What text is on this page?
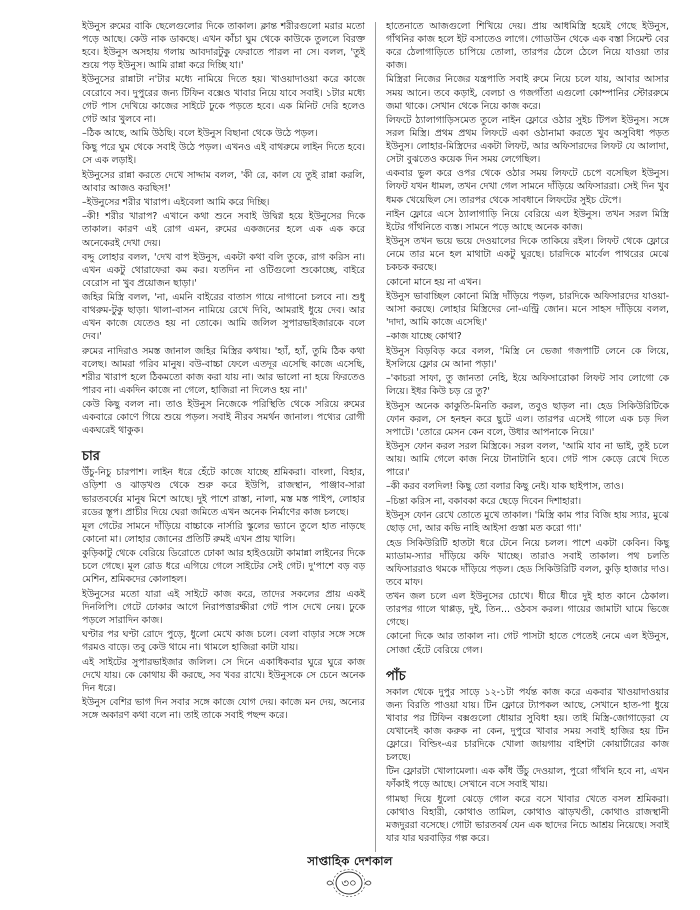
ইউনুস রুমের বাকি ছেলেগুলোর দিকে তাকাল। ক্লান্ত শরীরগুলো মরার মতো পড়ে আছে। কেউ নাক ডাকছে। এখন কাঁচা ঘুম থেকে কাউকে তুললে বিরক্ত হবে। ইউনুস অসহায় গলায় আবদারটুকু ফেরাতে পারল না সে। বলল, 'তুই শুয়ে পড় ইউনুস। আমি রান্না করে দিচ্ছি যা।'

ইউনুসের রান্নাটা ন'টার মধ্যে নামিয়ে দিতে হয়। খাওয়াদাওয়া করে কাজে বেরোবে সব। দুপুরের জন্য টিফিন বক্সেও খাবার নিয়ে যাবে সবাই। ১টার মধ্যে গেট পাস দেখিয়ে কাজের সাইটে ঢুকে পড়তে হবে। এক মিনিট দেরি হলেও গেট আর খুলবে না।

–ঠিক আছে, আমি উঠছি। বলে ইউনুস বিছানা থেকে উঠে পড়ল।

কিছু পরে ঘুম থেকে সবাই উঠে পড়ল। এখনও এই বাথরুমে লাইন দিতে হবে। সে এক লড়াই।

ইউনুসের রান্না করতে দেখে সাদ্দাম বলল, 'কী রে, কাল যে তুই রান্না করলি, আবার আজও করছিস!'

–ইউনুসের শরীর খারাপ। এইবেলা আমি করে দিচ্ছি।

–কী! শরীর খারাপ? এখানে কথা শুনে সবাই উদ্বিগ্ন হয়ে ইউনুসের দিকে তাকাল। কারণ এই রোগ এমন, রুমের একজনের হলে এক এক করে অনেকেরই দেখা দেয়।

বদ্দু লোহার বলল, 'দেখ বাপ ইউনুস, একটা কথা বলি তুকে, রাগ করিস না। এখন একটু থোরাফেরা কম কর। যতদিন না ওটিগুলো শুকোচ্ছে, বাইরে বেরোস না খুব প্রয়োজন ছাড়া।'

জহির মিস্ত্রি বলল, 'না, এমনি বাইরের বাতাস গায়ে নাগানো চলবে না। শুধু বাথরুম-টুকু ছাড়া। থালা-বাসন নামিয়ে রেখে দিবি, আমরাই ধুয়ে দেব। আর এখন কাজে যেতেও হয় না তোকে। আমি জলিল সুপারভাইজারকে বলে দেব।'

রুমের নাদিরাও সমস্ত জানাল জহির মিস্ত্রির কথায়। 'হ্যাঁ, হ্যাঁ, তুমি ঠিক কথা বলেছ। আমরা গরিব মানুষ। বউ-বাচ্চা ফেলে এতদূর এসেছি কাজে এসেছি, শরীর খারাপ হলে ঠিকমতো কাজ করা যায় না। আর ভালো না হয়ে ফিরতেও পারব না। একদিন কাজে না গেলে, হাজিরা না দিলেও হয় না।'

কেউ কিছু বলল না। তাও ইউনুস নিজেকে পরিস্থিতি থেকে সরিয়ে রুমের একবারে কোণে গিয়ে শুয়ে পড়ল। সবাই নীরব সমর্থন জানাল। পথ্যের রোগী একঘরেই থাকুক।

চার

উঁচু-নিচু চারপাশ। লাইন ধরে হেঁটে কাজে যাচ্ছে শ্রমিকরা। বাংলা, বিহার, ওড়িশা ও ঝাড়খণ্ড থেকে শুরু করে ইউপি, রাজস্থান, পাঞ্জাব-সারা ভারতবর্ষের মানুষ মিশে আছে। দুই পাশে রাস্তা, নালা, মস্ত মস্ত পাইপ, লোহার রডের স্তূপ। প্রাচীর দিয়ে ঘেরা জমিতে এখন অনেক নির্মাণের কাজ চলছে।

মূল গেটের সামনে দাঁড়িয়ে বাচ্চাকে নার্সারি স্কুলের ভ্যানে তুলে হাত নাড়ছে কোনো মা। লোহার জোনের প্রতিটি রুমই এখন প্রায় খালি।

কুড়িকাটু থেকে বেরিয়ে ডিরোতে ঢোকা আর হাইওয়েটা কামান্না লাইনের দিকে চলে গেছে। মূল রোড ধরে এগিয়ে গেলে সাইটের সেই গেট। দু'পাশে বড় বড় মেশিন, শ্রমিকদের কোলাহল।

ইউনুসের মতো যারা এই সাইটে কাজ করে, তাদের সকলের প্রায় একই দিনলিপি। গেটে ঢোকার আগে নিরাপত্তারক্ষীরা গেট পাস দেখে নেয়। ঢুকে পড়লে সারাদিন কাজ।

ঘণ্টার পর ঘণ্টা রোদে পুড়ে, ধুলো মেখে কাজ চলে। বেলা বাড়ার সঙ্গে সঙ্গে গরমও বাড়ে। তবু কেউ থামে না। থামলে হাজিরা কাটা যায়।

এই সাইটের সুপারভাইজার জলিল। সে দিনে একাধিকবার ঘুরে ঘুরে কাজ দেখে যায়। কে কোথায় কী করছে, সব খবর রাখে। ইউনুসকে সে চেনে অনেক দিন ধরে।

ইউনুস বেশির ভাগ দিন সবার সঙ্গে কাজে যোগ দেয়। কাজে মন দেয়, অন্যের সঙ্গে অকারণ কথা বলে না। তাই তাকে সবাই পছন্দ করে।

হাতেনাতে আজগুলো শিখিয়ে দেয়। প্রায় আধমিস্ত্রি হয়েই গেছে ইউনুস, গাঁথনির কাজ হলে ইট বসাতেও লাগে। গোডাউন থেকে এক বস্তা সিমেন্ট বের করে ঠেলাগাড়িতে চাপিয়ে তোলা, তারপর ঠেলে ঠেলে নিয়ে যাওয়া তার কাজ।

মিস্ত্রিরা নিজের নিজের যন্ত্রপাতি সবাই রুমে নিয়ে চলে যায়, আবার আসার সময় আনে। তবে কড়াই, বেলচা ও গজগাঁতা এগুলো কোম্পানির স্টোররুমে জমা থাকে। সেখান থেকে নিয়ে কাজ করে।

লিফটে ঠ্যালাগাড়িসমেত তুলে নাইন ফ্লোরে ওঠার সুইচ টিপল ইউনুস। সঙ্গে সরল মিস্ত্রি। প্রথম প্রথম লিফটে একা ওঠানামা করতে খুব অসুবিধা পড়ত ইউনুস। লোহার-মিস্ত্রিদের একটা লিফট, আর অফিসারদের লিফট যে আলাদা, সেটা বুঝতেও কয়েক দিন সময় লেগেছিল।

একবার ভুল করে ওপর থেকে ওঠার সময় লিফটে চেপে বসেছিল ইউনুস। লিফট যখন ধামল, তখন দেখা গেল সামনে দাঁড়িয়ে অফিসাররা। সেই দিন খুব ধমক খেয়েছিল সে। তারপর থেকে সাবধানে লিফটের সুইচ টেপে।

নাইন ফ্লোরে এসে ঠ্যালাগাড়ি নিয়ে বেরিয়ে এল ইউনুস। তখন সরল মিস্ত্রি ইটের গাঁথনিতে ব্যস্ত। সামনে পড়ে আছে অনেক কাজ।

ইউনুস তখন ভয়ে ভয়ে দেওয়ালের দিকে তাকিয়ে রইল। লিফট থেকে ফ্লোরে নেমে তার মনে হল মাথাটা একটু ঘুরছে। চারদিকে মার্বেল পাথরের মেঝে চকচক করছে।

কোনো মানে হয় না এখন।

ইউনুস ভাবাচ্ছিল কোনো মিস্ত্রি দাঁড়িয়ে পড়ল, চারদিকে অফিসারদের যাওয়া-আসা করছে। লোহার মিস্ত্রিদের নো-এন্ট্রি জোন। মনে সাহস দাঁড়িয়ে বলল, 'দাদা, আমি কাজে এসেছি।'

–কাজ যাচ্ছে কোথা?

ইউনুস বিড়বিড় করে বলল, 'মিস্ত্রি নে ভেজা গজপাটি লেনে কে লিয়ে, ইসলিয়ে ফ্লোর মে আনা পড়া।'

–'কাচরা সাফা, তু জানতা নেহি, ইয়ে অফিসারোকা লিফট সাব লোগো কে লিয়ে। ইধর কিউ চড় রে তু?'

ইউনুস অনেক কাকুতি-মিনতি করল, তবুও ছাড়ল না। হেড সিকিউরিটিকে ফোন করল, সে হনহন করে ছুটে এল। তারপর এসেই গালে এক চড় দিল সপাটে। 'তোরে মেসন কেন বলে, উধার আপনাকে নিয়ে।'

ইউনুস ফোন করল সরল মিস্ত্রিকে। সরল বলল, 'আমি যাব না ভাই, তুই চলে আয়। আমি গেলে কাজ নিয়ে টানাটানি হবে। গেট পাস কেড়ে রেখে দিতে পারে।'

–কী করব বলদিল! কিছু তো বলার কিছু নেই। যাক ছাইপাস, তাও।

–চিন্তা করিস না, বকাবকা করে ছেড়ে দিবেন দিশাহারা।

ইউনুস ফোন রেখে তোতে মুখে তাকাল। 'মিস্ত্রি কাম পার বিজি হায় স্যার, মুঝে ছোড় দো, আর কভি নাহি আইসা গুস্তা মত করো গা।'

হেড সিকিউরিটি হাতটা ধরে টেনে নিয়ে চলল। পাশে একটা কেবিন। কিছু ম্যাডাম-স্যার দাঁড়িয়ে কফি খাচ্ছে। তারাও সবাই তাকাল। পথ চলতি অফিসাররাও থমকে দাঁড়িয়ে পড়ল। হেড সিকিউরিটি বলল, কুড়ি হাজার দাও। তবে মাফ।

তখন জল চলে এল ইউনুসের চোখে। ধীরে ধীরে দুই হাত কানে ঠেকাল। তারপর গালে থাপ্পড়, দুই, তিন... ওঠবস করল। গায়ের জামাটা ঘামে ভিজে গেছে।

কোনো দিকে আর তাকাল না। গেট পাসটা হাতে পেতেই নেমে এল ইউনুস, সোজা হেঁটে বেরিয়ে গেল।

পাঁচ

সকাল থেকে দুপুর সাড়ে ১২-১টা পর্যন্ত কাজ করে একবার খাওয়াদাওয়ার জন্য বিরতি পাওয়া যায়। টিন ফ্লোরে ট্যাপকল আছে, সেখানে হাত-পা ধুয়ে খাবার পর টিফিন বক্সগুলো ধোয়ার সুবিধা হয়। তাই মিস্ত্রি-জোগাড়েরা যে যেখানেই কাজ করুক না কেন, দুপুরে খাবার সময় সবাই হাজির হয় টিন ফ্লোরে। বিল্ডিং-এর চারদিকে খোলা জায়গায় বাইশটা কোয়ার্টারের কাজ চলছে।

টিন ফ্লোরটা খোলামেলা। এক কাঁধ উঁচু দেওয়াল, পুরো গাঁথনি হবে না, এখন ফাঁকাই পড়ে আছে। সেখানে বসে সবাই খায়।

গামছা দিয়ে ধুলো ঝেড়ে গোল করে বসে খাবার খেতে বসল শ্রমিকরা। কোথাও বিহারী, কোথাও তামিল, কোথাও ঝাড়খণ্ডী, কোথাও রাজস্থানী মজদুররা বসেছে। গোটা ভারতবর্ষ যেন এক ছাদের নিচে আশ্রয় নিয়েছে। সবাই যার যার ঘরবাড়ির গল্প করে।

সাপ্তাহিক দেশকাল
৩০
